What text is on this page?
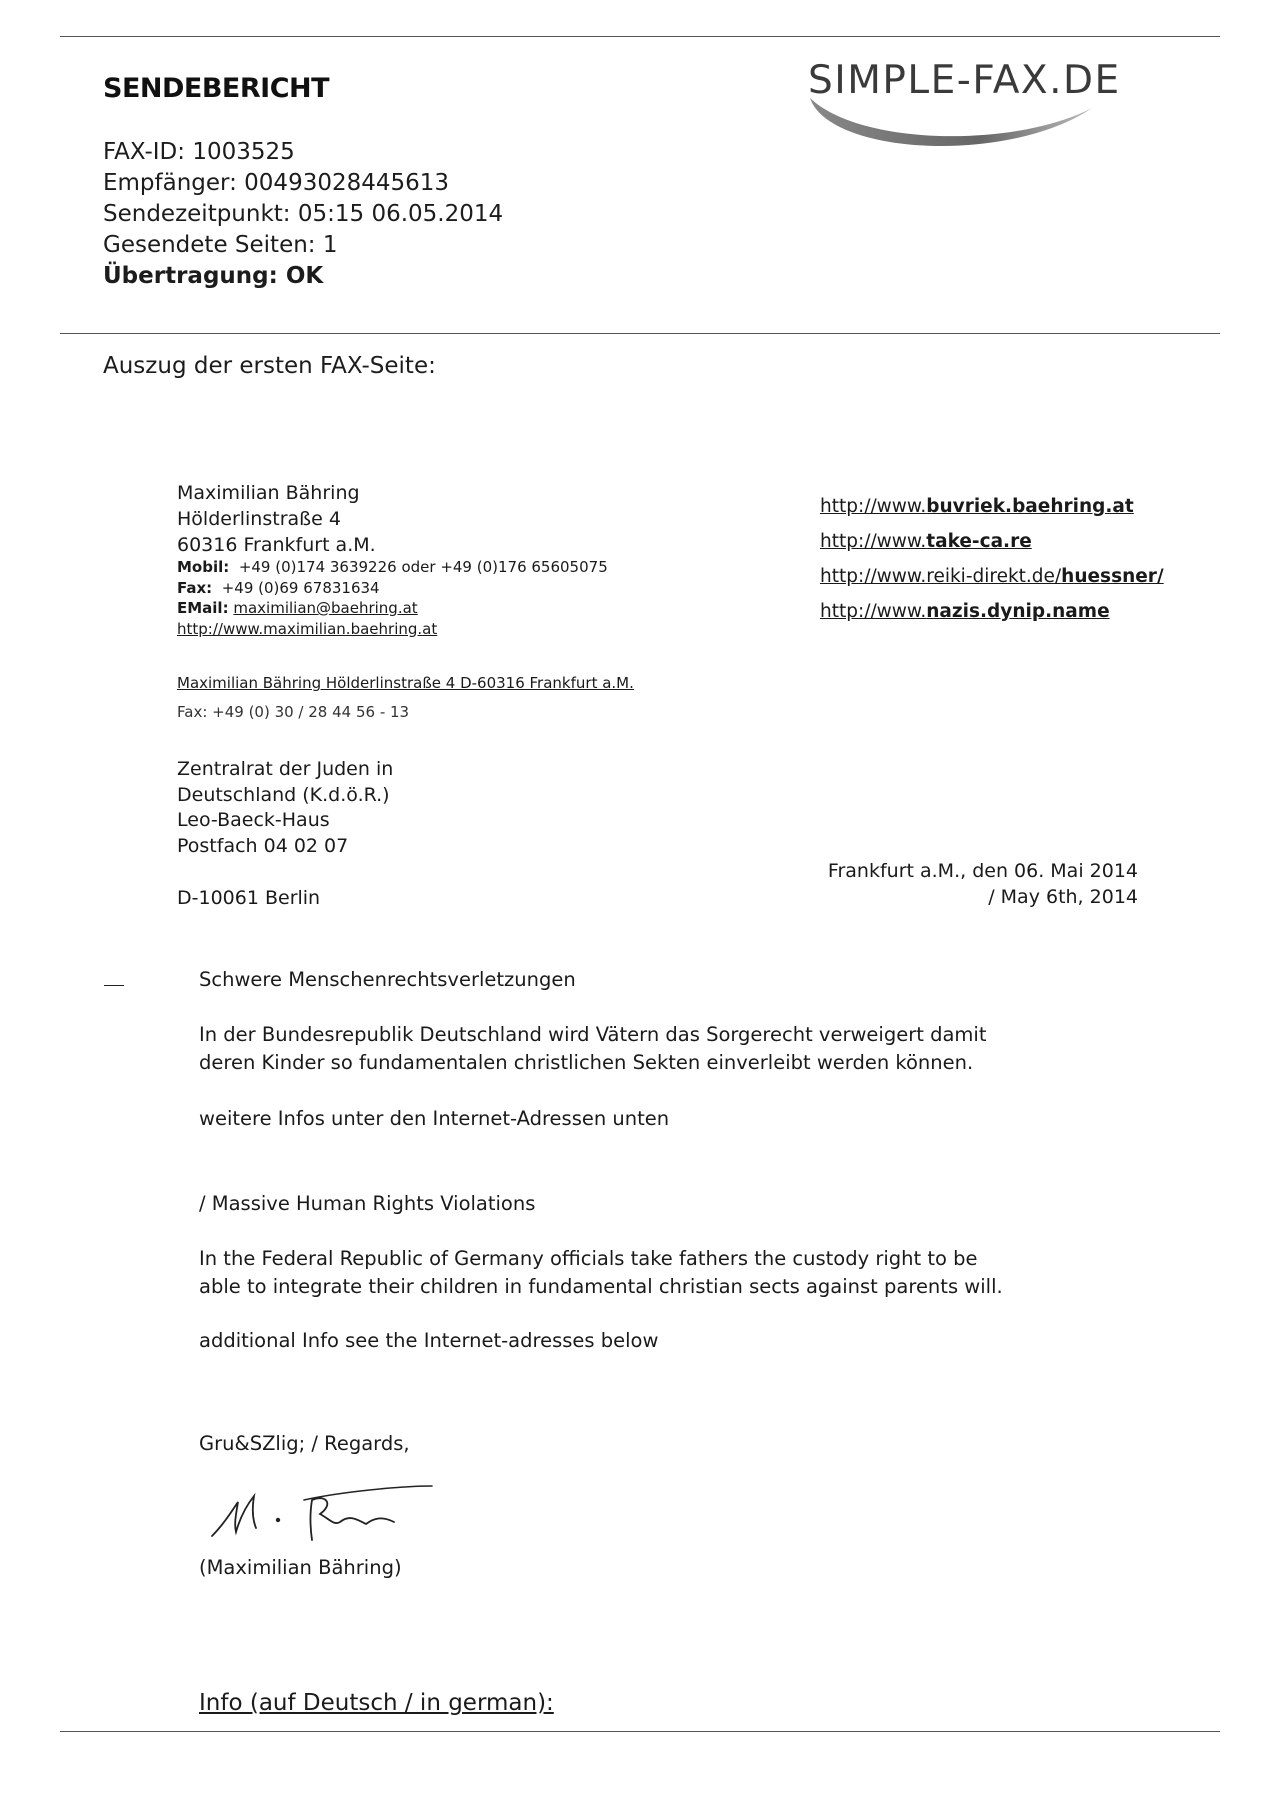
SENDEBERICHT
FAX-ID: 1003525
Empfänger: 00493028445613
Sendezeitpunkt: 05:15 06.05.2014
Gesendete Seiten: 1
Übertragung: OK
SIMPLE-FAX.DE
Auszug der ersten FAX-Seite:
Maximilian Bähring
Hölderlinstraße 4
60316 Frankfurt a.M.
Mobil: +49 (0)174 3639226 oder +49 (0)176 65605075
Fax: +49 (0)69 67831634
EMail: maximilian@baehring.at
http://www.maximilian.baehring.at
http://www.buvriek.baehring.at
http://www.take-ca.re
http://www.reiki-direkt.de/huessner/
http://www.nazis.dynip.name
Maximilian Bähring Hölderlinstraße 4 D-60316 Frankfurt a.M.
Fax: +49 (0) 30 / 28 44 56 - 13
Zentralrat der Juden in
Deutschland (K.d.ö.R.)
Leo-Baeck-Haus
Postfach 04 02 07
D-10061 Berlin
Frankfurt a.M., den 06. Mai 2014
/ May 6th, 2014
Schwere Menschenrechtsverletzungen
In der Bundesrepublik Deutschland wird Vätern das Sorgerecht verweigert damit
deren Kinder so fundamentalen christlichen Sekten einverleibt werden können.
weitere Infos unter den Internet-Adressen unten
/ Massive Human Rights Violations
In the Federal Republic of Germany officials take fathers the custody right to be
able to integrate their children in fundamental christian sects against parents will.
additional Info see the Internet-adresses below
Gru&SZlig; / Regards,
(Maximilian Bähring)
Info (auf Deutsch / in german):
